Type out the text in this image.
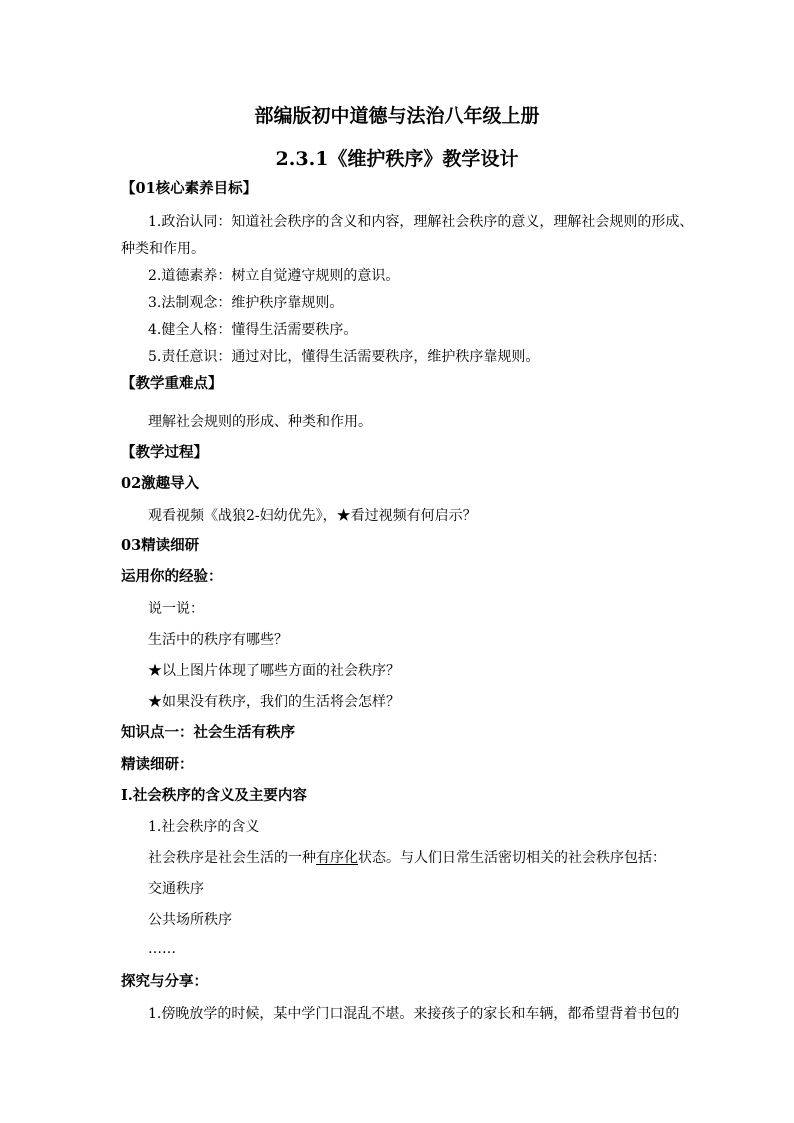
部编版初中道德与法治八年级上册
2.3.1《维护秩序》教学设计
【01核心素养目标】
1.政治认同：知道社会秩序的含义和内容，理解社会秩序的意义，理解社会规则的形成、
种类和作用。
2.道德素养：树立自觉遵守规则的意识。
3.法制观念：维护秩序靠规则。
4.健全人格：懂得生活需要秩序。
5.责任意识：通过对比，懂得生活需要秩序，维护秩序靠规则。
【教学重难点】
理解社会规则的形成、种类和作用。
【教学过程】
02激趣导入
观看视频《战狼2-妇幼优先》，★看过视频有何启示？
03精读细研
运用你的经验：
说一说：
生活中的秩序有哪些？
★以上图片体现了哪些方面的社会秩序？
★如果没有秩序，我们的生活将会怎样？
知识点一：社会生活有秩序
精读细研：
Ⅰ.社会秩序的含义及主要内容
1.社会秩序的含义
社会秩序是社会生活的一种有序化状态。与人们日常生活密切相关的社会秩序包括：
交通秩序
公共场所秩序
……
探究与分享：
1.傍晚放学的时候，某中学门口混乱不堪。来接孩子的家长和车辆，都希望背着书包的
